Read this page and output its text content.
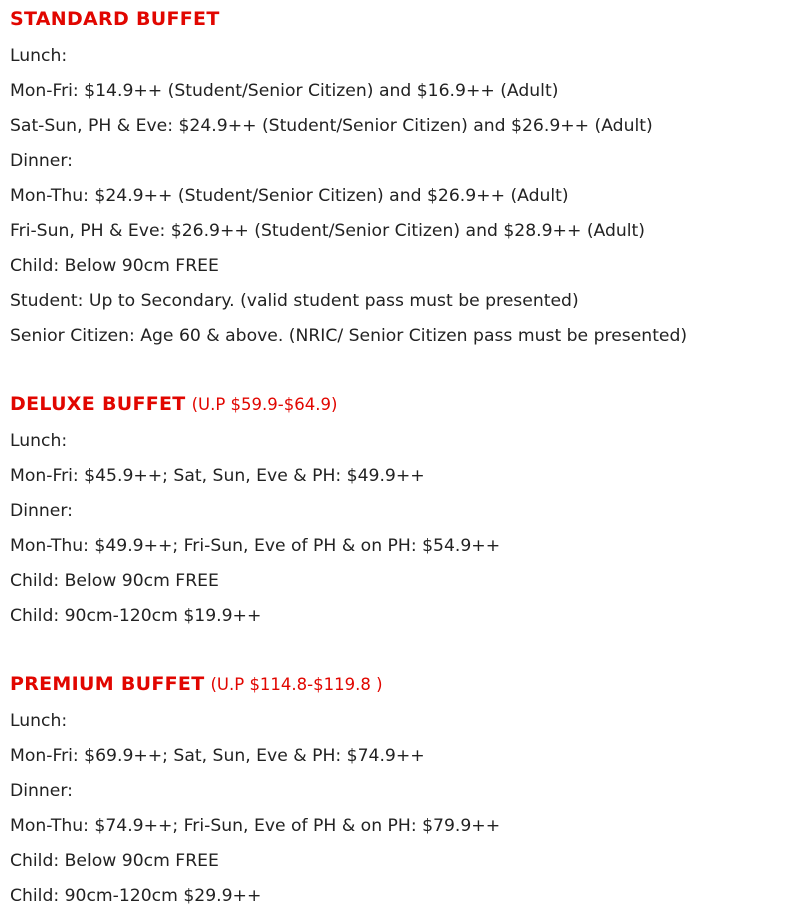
STANDARD BUFFET
Lunch:
Mon-Fri: $14.9++ (Student/Senior Citizen) and $16.9++ (Adult)
Sat-Sun, PH & Eve: $24.9++ (Student/Senior Citizen) and $26.9++ (Adult)
Dinner:
Mon-Thu: $24.9++ (Student/Senior Citizen) and $26.9++ (Adult)
Fri-Sun, PH & Eve: $26.9++ (Student/Senior Citizen) and $28.9++ (Adult)
Child: Below 90cm FREE
Student: Up to Secondary. (valid student pass must be presented)
Senior Citizen: Age 60 & above. (NRIC/ Senior Citizen pass must be presented)
DELUXE BUFFET (U.P $59.9-$64.9)
Lunch:
Mon-Fri: $45.9++; Sat, Sun, Eve & PH: $49.9++
Dinner:
Mon-Thu: $49.9++; Fri-Sun, Eve of PH & on PH: $54.9++
Child: Below 90cm FREE
Child: 90cm-120cm $19.9++
PREMIUM BUFFET (U.P $114.8-$119.8 )
Lunch:
Mon-Fri: $69.9++; Sat, Sun, Eve & PH: $74.9++
Dinner:
Mon-Thu: $74.9++; Fri-Sun, Eve of PH & on PH: $79.9++
Child: Below 90cm FREE
Child: 90cm-120cm $29.9++
